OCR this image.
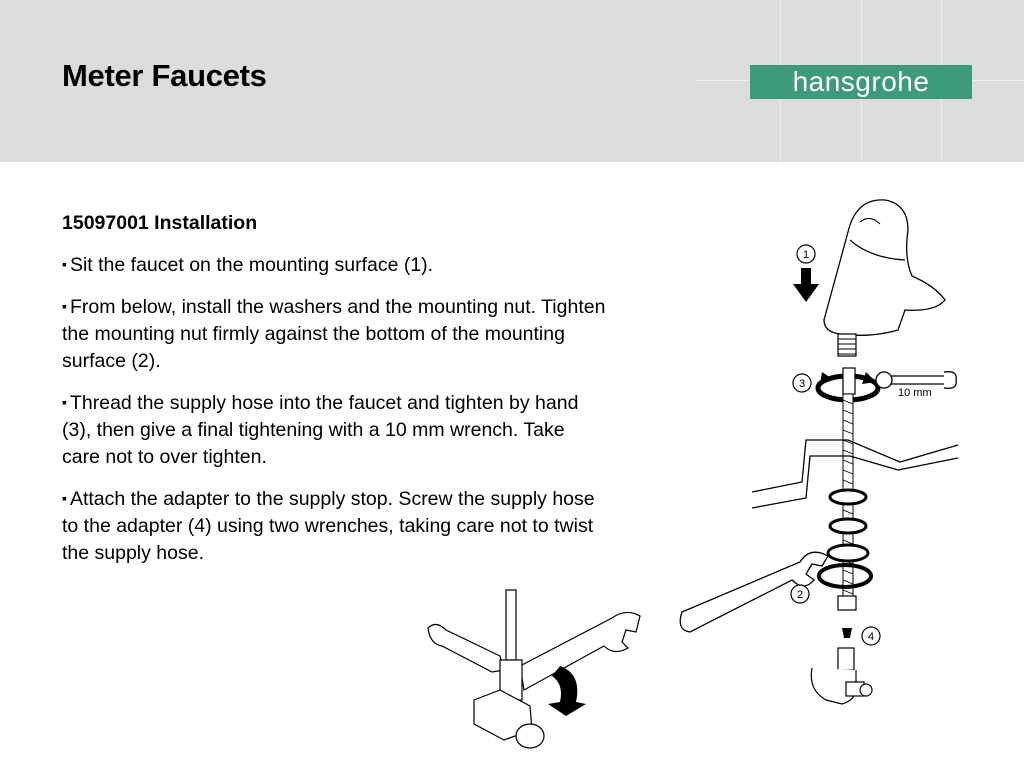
Meter Faucets	hansgrohe
15097001 Installation

▪ Sit the faucet on the mounting surface (1).

▪ From below, install the washers and the mounting nut. Tighten the mounting nut firmly against the bottom of the mounting surface (2).

▪ Thread the supply hose into the faucet and tighten by hand (3), then give a final tightening with a 10 mm wrench. Take care not to over tighten.

▪ Attach the adapter to the supply stop. Screw the supply hose to the adapter (4) using two wrenches, taking care not to twist the supply hose.

1
3
10 mm
2
4
